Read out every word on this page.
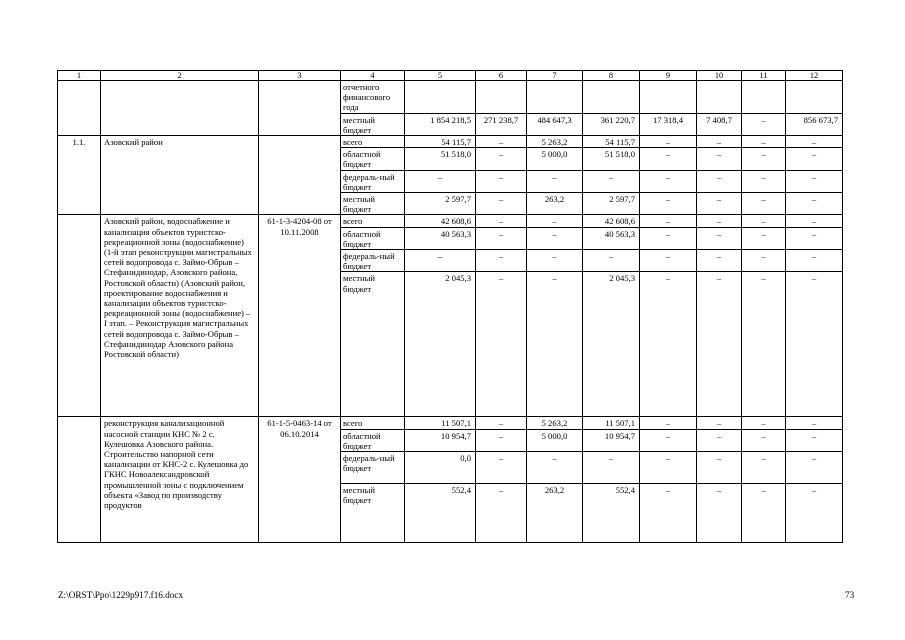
1	2	3	4	5	6	7	8	9	10	11	12
			отчетного финансового года								
			местный бюджет	1 854 218,5	271 238,7	484 647,3	361 220,7	17 318,4	7 408,7	–	856 673,7
1.1.	Азовский район		всего	54 115,7	–	5 263,2	54 115,7	–	–	–	–
			областной бюджет	51 518,0	–	5 000,0	51 518,0	–	–	–	–
			федераль-ный бюджет	–	–	–	–	–	–	–	–
			местный бюджет	2 597,7	–	263,2	2 597,7	–	–	–	–
	Азовский район, водоснабжение и канализация объектов туристско-рекреационной зоны (водоснабжение) (1-й этап реконструкции магистральных сетей водопровода с. Займо-Обрыв – Стефанидинодар, Азовского района, Ростовской области) (Азовский район, проектирование водоснабжения и канализации объектов туристско-рекреационной зоны (водоснабжение) – I этап. – Реконструкция магистральных сетей водопровода с. Займо-Обрыв – Стефанидинодар Азовского района Ростовской области)	61-1-3-4204-08 от 10.11.2008	всего	42 608,6	–	–	42 608,6	–	–	–	–
			областной бюджет	40 563,3	–	–	40 563,3	–	–	–	–
			федераль-ный бюджет	–	–	–	–	–	–	–	–
			местный бюджет	2 045,3	–	–	2 045,3	–	–	–	–
	реконструкция канализационной насосной станции КНС № 2 с. Кулешовка Азовского района. Строительство напорной сети канализации от КНС-2 с. Кулешовка до ГКНС Новоалександровской промышленной зоны с подключением объекта «Завод по производству продуктов	61-1-5-0463-14 от 06.10.2014	всего	11 507,1	–	5 263,2	11 507,1	–	–	–	–
			областной бюджет	10 954,7	–	5 000,0	10 954,7	–	–	–	–
			федераль-ный бюджет	0,0	–	–	–	–	–	–	–
			местный бюджет	552,4	–	263,2	552,4	–	–	–	–
Z:\ORST\Ppo\1229p917.f16.docx	73
